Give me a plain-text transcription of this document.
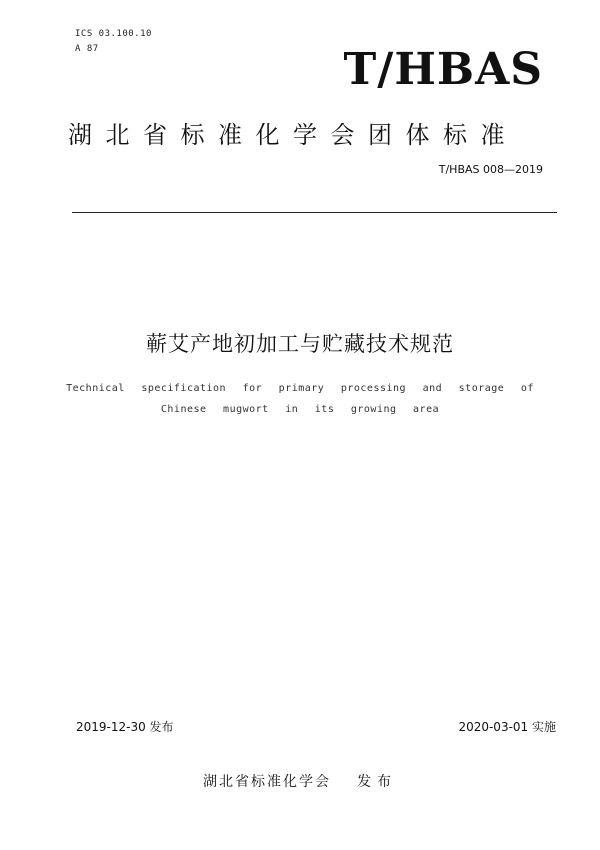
ICS 03.100.10
A 87	T/HBAS
湖北省标准化学会团体标准
T/HBAS 008—2019
蕲艾产地初加工与贮藏技术规范
Technical specification for primary processing and storage of Chinese mugwort in its growing area
2019-12-30 发布	2020-03-01 实施
湖北省标准化学会 发布
